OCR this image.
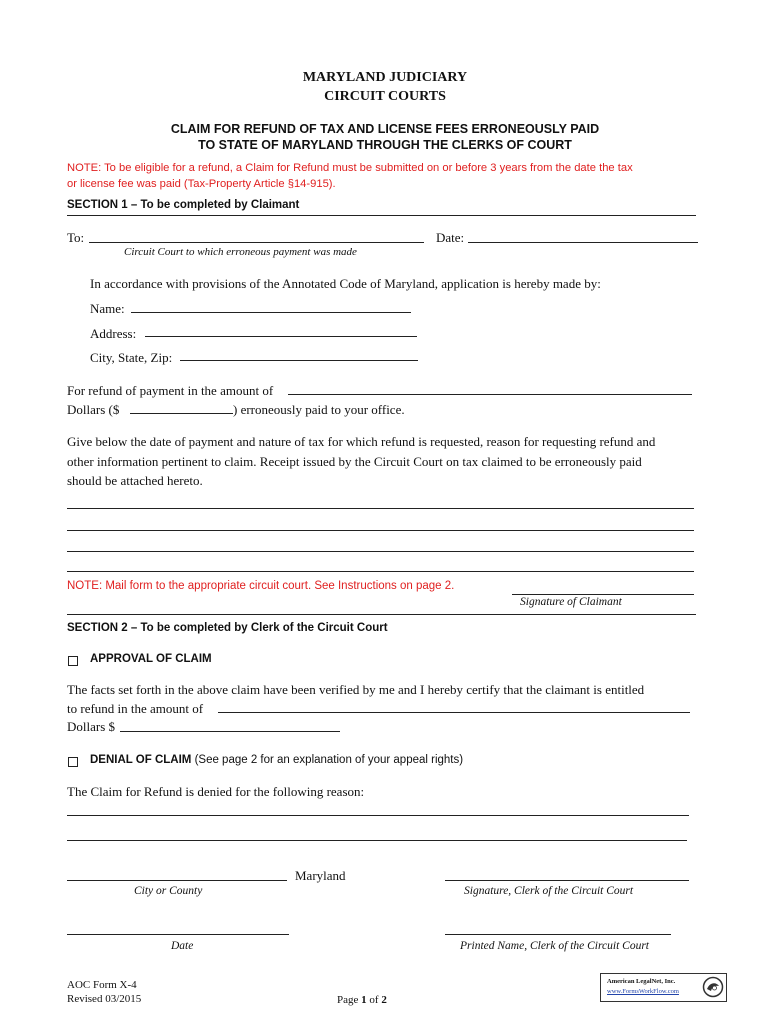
MARYLAND JUDICIARY
CIRCUIT COURTS
CLAIM FOR REFUND OF TAX AND LICENSE FEES ERRONEOUSLY PAID
TO STATE OF MARYLAND THROUGH THE CLERKS OF COURT
NOTE: To be eligible for a refund, a Claim for Refund must be submitted on or before 3 years from the date the tax
or license fee was paid (Tax-Property Article §14-915).
SECTION 1 – To be completed by Claimant
To:	Date:
Circuit Court to which erroneous payment was made
In accordance with provisions of the Annotated Code of Maryland, application is hereby made by:
Name:
Address:
City, State, Zip:
For refund of payment in the amount of
Dollars ($	) erroneously paid to your office.
Give below the date of payment and nature of tax for which refund is requested, reason for requesting refund and
other information pertinent to claim. Receipt issued by the Circuit Court on tax claimed to be erroneously paid
should be attached hereto.
NOTE: Mail form to the appropriate circuit court. See Instructions on page 2.
Signature of Claimant
SECTION 2 – To be completed by Clerk of the Circuit Court
APPROVAL OF CLAIM
The facts set forth in the above claim have been verified by me and I hereby certify that the claimant is entitled
to refund in the amount of
Dollars $
DENIAL OF CLAIM (See page 2 for an explanation of your appeal rights)
The Claim for Refund is denied for the following reason:
Maryland
City or County	Signature, Clerk of the Circuit Court
Date	Printed Name, Clerk of the Circuit Court
AOC Form X-4
Revised 03/2015	Page 1 of 2
American LegalNet, Inc.
www.FormsWorkFlow.com
